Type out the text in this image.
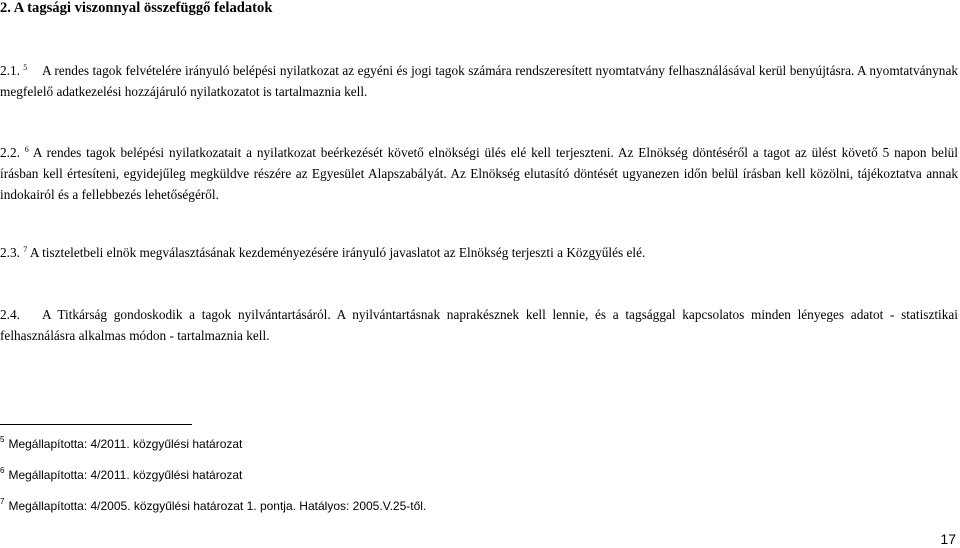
2. A tagsági viszonnyal összefüggő feladatok

2.1. $^5$ A rendes tagok felvételére irányuló belépési nyilatkozat az egyéni és jogi tagok számára rendszeresített nyomtatvány felhasználásával kerül benyújtásra. A nyomtatványnak megfelelő adatkezelési hozzájáruló nyilatkozatot is tartalmaznia kell.

2.2. $^6$ A rendes tagok belépési nyilatkozatait a nyilatkozat beérkezését követő elnökségi ülés elé kell terjeszteni. Az Elnökség döntéséről a tagot az ülést követő 5 napon belül írásban kell értesíteni, egyidejűleg megküldve részére az Egyesület Alapszabályát. Az Elnökség elutasító döntését ugyanezen időn belül írásban kell közölni, tájékoztatva annak indokairól és a fellebbezés lehetőségéről.

2.3. $^7$ A tiszteletbeli elnök megválasztásának kezdeményezésére irányuló javaslatot az Elnökség terjeszti a Közgyűlés elé.

2.4. A Titkárság gondoskodik a tagok nyilvántartásáról. A nyilvántartásnak naprakésznek kell lennie, és a tagsággal kapcsolatos minden lényeges adatot - statisztikai felhasználásra alkalmas módon - tartalmaznia kell.

$^5$ Megállapította: 4/2011. közgyűlési határozat

$^6$ Megállapította: 4/2011. közgyűlési határozat

$^7$ Megállapította: 4/2005. közgyűlési határozat 1. pontja. Hatályos: 2005.V.25-től.

17
